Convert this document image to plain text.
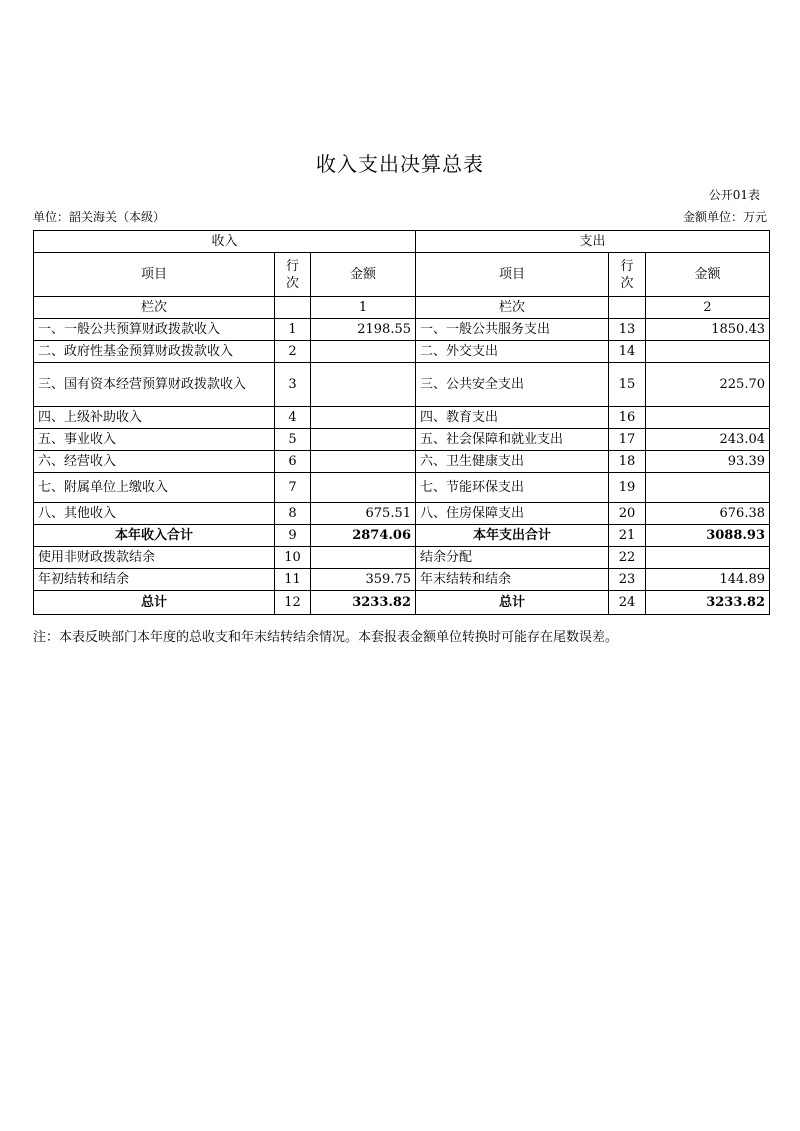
收入支出决算总表
公开01表
单位：韶关海关（本级）	金额单位：万元
收入			支出		
项目	行次	金额	项目	行次	金额
栏次		1	栏次		2
一、一般公共预算财政拨款收入	1	2198.55	一、一般公共服务支出	13	1850.43
二、政府性基金预算财政拨款收入	2		二、外交支出	14	
三、国有资本经营预算财政拨款收入	3		三、公共安全支出	15	225.70
四、上级补助收入	4		四、教育支出	16	
五、事业收入	5		五、社会保障和就业支出	17	243.04
六、经营收入	6		六、卫生健康支出	18	93.39
七、附属单位上缴收入	7		七、节能环保支出	19	
八、其他收入	8	675.51	八、住房保障支出	20	676.38
本年收入合计	9	2874.06	本年支出合计	21	3088.93
使用非财政拨款结余	10		结余分配	22	
年初结转和结余	11	359.75	年末结转和结余	23	144.89
总计	12	3233.82	总计	24	3233.82
注：本表反映部门本年度的总收支和年末结转结余情况。本套报表金额单位转换时可能存在尾数误差。
